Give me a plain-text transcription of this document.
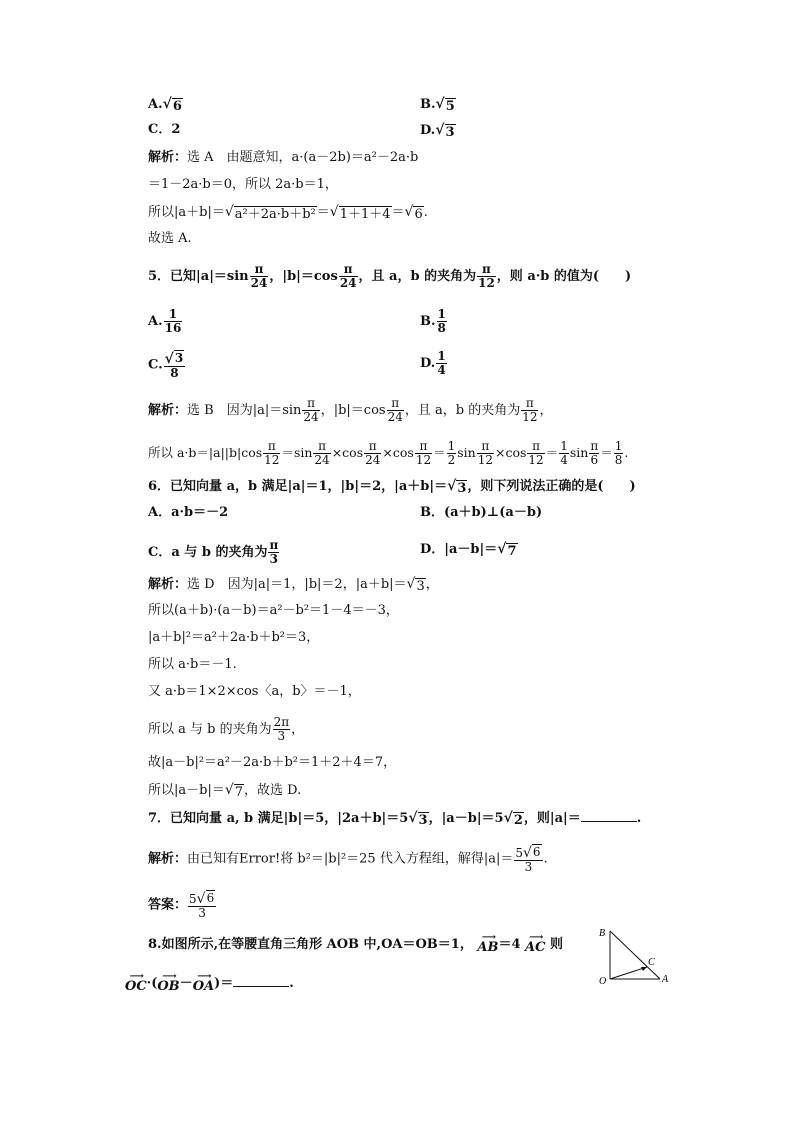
A. √ 6	B. √ 5
C．2	D. √ 3
解析：选 A　由题意知，a·(a－2b)＝a²－2a·b
＝1－2a·b＝0，所以 2a·b＝1，
所以|a＋b|＝ √ a²＋2a·b＋b² ＝ √ 1＋1＋4 ＝ √ 6 .
故选 A.
5．已知$|a|=\sin \frac{\pi}{24}$ ，$|b|=\cos \frac{\pi}{24}$ ，且 a，b 的夹角为 $\frac{\pi}{12}$ ，则 a·b 的值为(　　)
A. $\frac{1}{16}$	B. $\frac{1}{8}$
C. $\frac{√ 3}{8}$	D. $\frac{1}{4}$
解析：选 B　因为$|a|=\sin \frac{\pi}{24}$ ，$|b|=\cos \frac{\pi}{24}$ ，且 a，b 的夹角为 $\frac{\pi}{12}$ ，
所以 $a\cdot b=|a||b|\cos \frac{\pi}{12} =\sin \frac{\pi}{24} \times\cos \frac{\pi}{24} \times\cos \frac{\pi}{12} = \frac{1}{2}$ $\sin \frac{\pi}{12} \times\cos \frac{\pi}{12} = \frac{1}{4}$ $\sin \frac{\pi}{6} = \frac{1}{8}$ .
6．已知向量 a，b 满足|a|＝1，|b|＝2，|a＋b|＝ √ 3 ，则下列说法正确的是(　　)
A．a·b＝－2	B．(a＋b)⊥(a－b)
C．a 与 b 的夹角为 $\frac{\pi}{3}$	D．|a－b|＝ √ 7
解析：选 D　因为|a|＝1，|b|＝2，|a＋b|＝ √ 3 ，
所以(a＋b)·(a－b)＝a²－b²＝1－4＝－3，
|a＋b|²＝a²＋2a·b＋b²＝3，
所以 a·b＝－1.
又 a·b＝1×2×cos〈a，b〉＝－1，
所以 a 与 b 的夹角为 $\frac{2\pi}{3}$ ，
故|a－b|²＝a²－2a·b＋b²＝1＋2＋4＝7，
所以|a－b|＝ √ 7 ，故选 D.
7．已知向量 a, b 满足|b|＝5，|2a＋b|＝5 √ 3 ，|a－b|＝5 √ 2 ，则|a|＝	.
解析：由已知有Error!将 b²＝|b|²＝25 代入方程组，解得$|a|= \frac{5 √ 6}{3}$ .
答案： $\frac{5 √ 6}{3}$
8.如图所示,在等腰直角三角形 AOB 中,OA＝OB＝1， ⟶
AB ＝4 ⟶
AC 则
⟶
OC ·( ⟶
OB － ⟶
OA )＝	.
B
C
O	A
